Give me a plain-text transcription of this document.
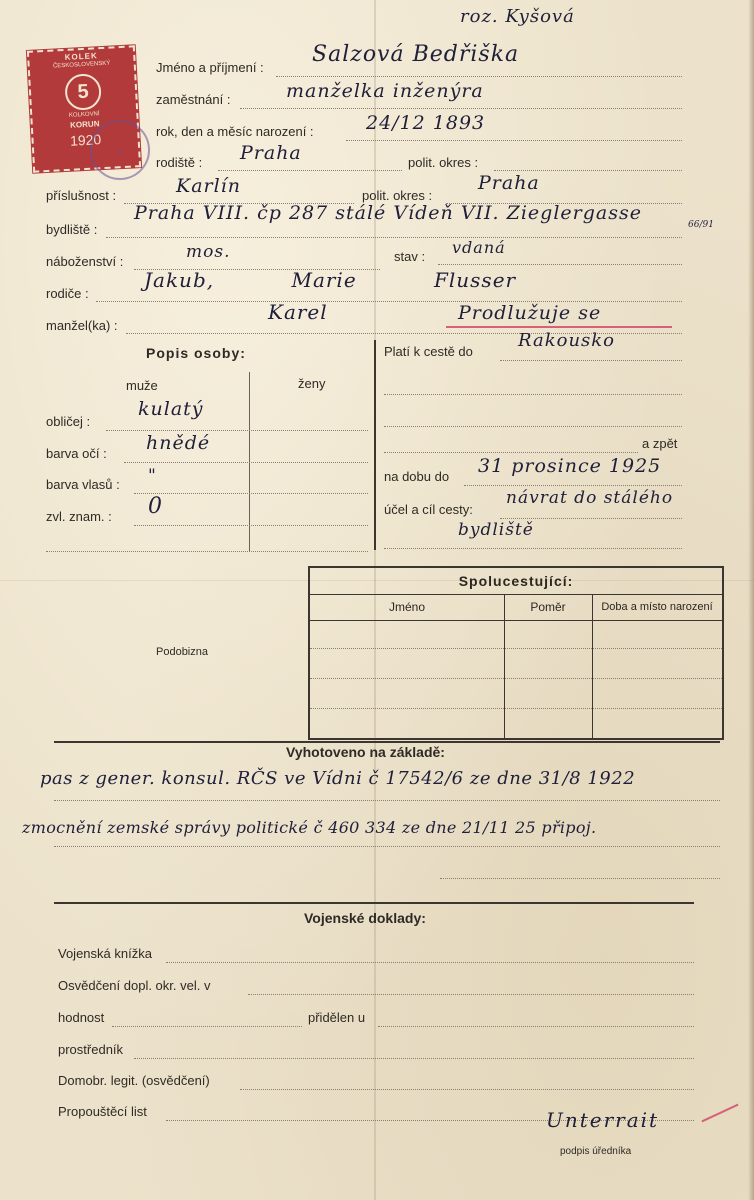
roz. Kyšová
KOLEK
ČESKOSLOVENSKÝ
5
KOLKOVNÍ
KORUN
1920
●
Jméno a příjmení :
Salzová Bedřiška
zaměstnání :	manželka inženýra
rok, den a měsíc narození :	24/12 1893
rodiště : Praha	polit. okres :
příslušnost :	Karlín	polit. okres :
Praha
bydliště :
Praha VIII. čp 287 stálé Vídeň VII. Zieglergasse
66/91
náboženství :	mos.	stav : vdaná
rodiče :
Jakub, Marie Flusser
manžel(ka) :
Karel	Prodlužuje se
Popis osoby:
muže	ženy
obličej :
kulatý
barva očí : hnědé
barva vlasů : "
zvl. znam. : 0
Platí k cestě do
Rakousko
a zpět
na dobu do 31 prosince 1925
účel a cíl cesty:
návrat do stálého
bydliště
Podobizna
Spolucestující:
Jméno	Poměr	Doba a místo narození
Vyhotoveno na základě:
pas z gener. konsul. RČS ve Vídni č 17542/6 ze dne 31/8 1922
zmocnění zemské správy politické č 460 334 ze dne 21/11 25 připoj.
Vojenské doklady:
Vojenská knížka
Osvědčení dopl. okr. vel. v
hodnost	přidělen u
prostředník
Domobr. legit. (osvědčení)
Propouštěcí list	Unterrait
podpis úředníka
